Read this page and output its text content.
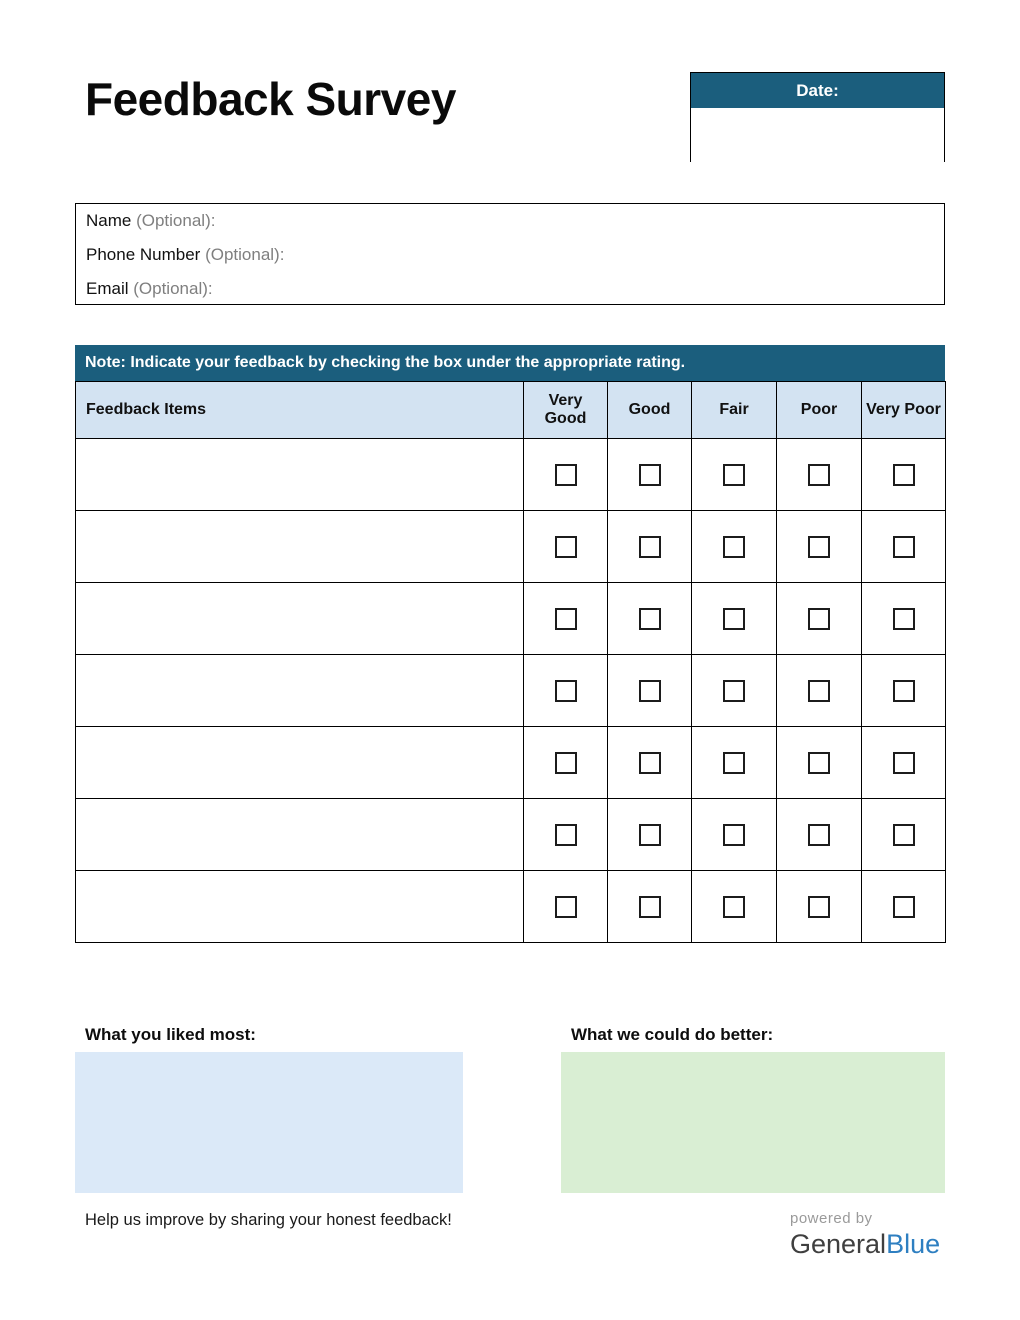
Feedback Survey	Date:
Name (Optional):
Phone Number (Optional):
Email (Optional):
Note: Indicate your feedback by checking the box under the appropriate rating.
Feedback Items	Very Good	Good	Fair	Poor	Very Poor

What you liked most:	What we could do better:
Help us improve by sharing your honest feedback!	powered by
GeneralBlue
